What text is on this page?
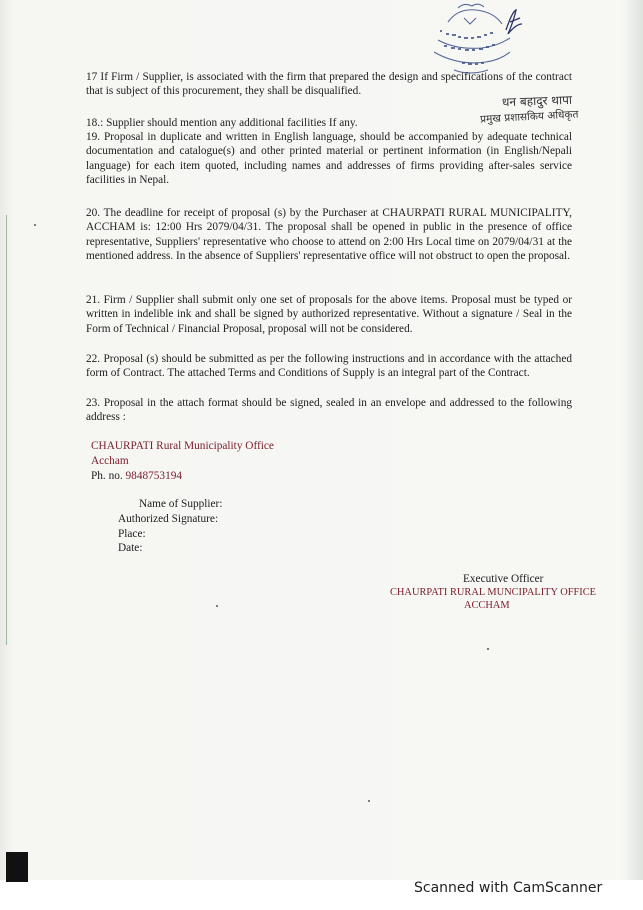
17 If Firm / Supplier, is associated with the firm that prepared the design and specifications of the contract that is subject of this procurement, they shall be disqualified.
धन बहादुर थापा
प्रमुख प्रशासकिय अधिकृत
18.: Supplier should mention any additional facilities If any.
19. Proposal in duplicate and written in English language, should be accompanied by adequate technical documentation and catalogue(s) and other printed material or pertinent information (in English/Nepali language) for each item quoted, including names and addresses of firms providing after-sales service facilities in Nepal.
20. The deadline for receipt of proposal (s) by the Purchaser at CHAURPATI RURAL MUNICIPALITY, ACCHAM is: 12:00 Hrs 2079/04/31. The proposal shall be opened in public in the presence of office representative, Suppliers' representative who choose to attend on 2:00 Hrs Local time on 2079/04/31 at the mentioned address. In the absence of Suppliers' representative office will not obstruct to open the proposal.
21. Firm / Supplier shall submit only one set of proposals for the above items. Proposal must be typed or written in indelible ink and shall be signed by authorized representative. Without a signature / Seal in the Form of Technical / Financial Proposal, proposal will not be considered.
22. Proposal (s) should be submitted as per the following instructions and in accordance with the attached form of Contract. The attached Terms and Conditions of Supply is an integral part of the Contract.
23. Proposal in the attach format should be signed, sealed in an envelope and addressed to the following address :
CHAURPATI Rural Municipality Office
Accham
Ph. no. 9848753194
Name of Supplier:
Authorized Signature:
Place:
Date:
Executive Officer
CHAURPATI RURAL MUNCIPALITY OFFICE
ACCHAM
Scanned with CamScanner
